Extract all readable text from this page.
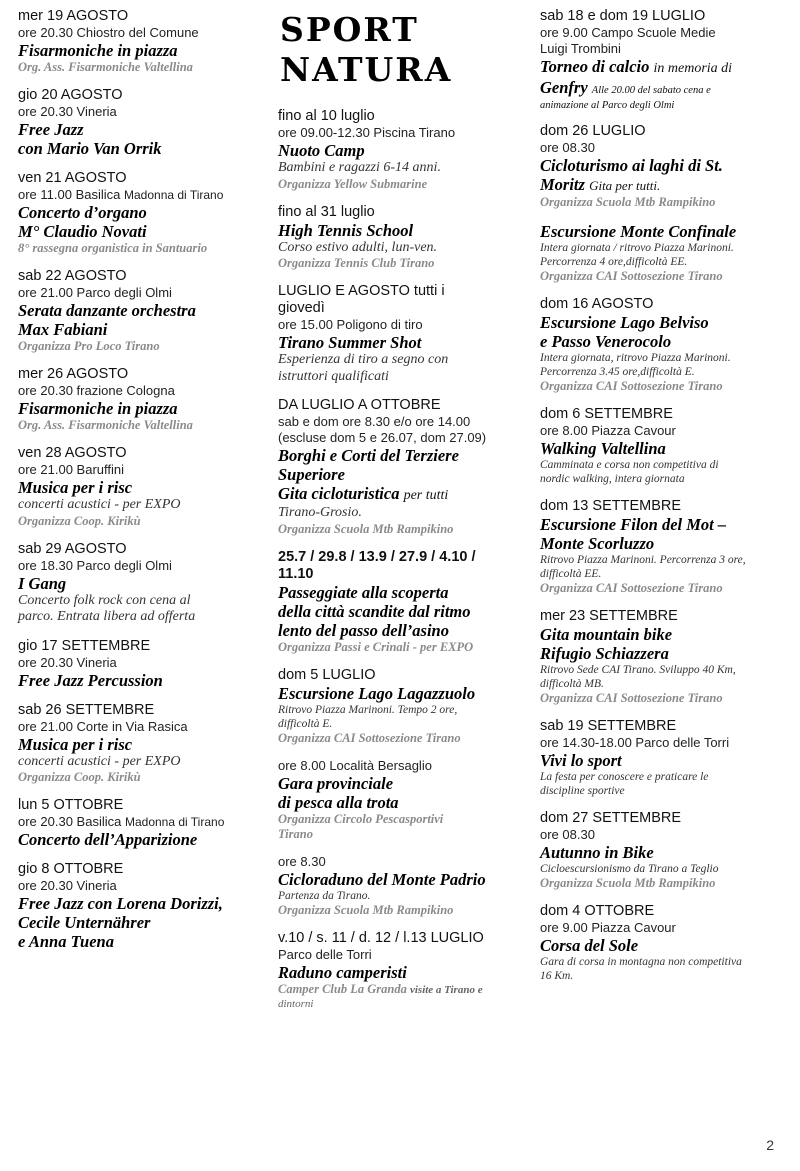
mer 19 AGOSTO
ore 20.30 Chiostro del Comune
Fisarmoniche in piazza
Org. Ass. Fisarmoniche Valtellina
gio 20 AGOSTO
ore 20.30 Vineria
Free Jazz
con Mario Van Orrik
ven 21 AGOSTO
ore 11.00 Basilica Madonna di Tirano
Concerto d’organo
M° Claudio Novati
8° rassegna organistica in Santuario
sab 22 AGOSTO
ore 21.00 Parco degli Olmi
Serata danzante orchestra
Max Fabiani
Organizza Pro Loco Tirano
mer 26 AGOSTO
ore 20.30 frazione Cologna
Fisarmoniche in piazza
Org. Ass. Fisarmoniche Valtellina
ven 28 AGOSTO
ore 21.00 Baruffini
Musica per i risc
concerti acustici - per EXPO
Organizza Coop. Kirikù
sab 29 AGOSTO
ore 18.30 Parco degli Olmi
I Gang
Concerto folk rock con cena al
parco. Entrata libera ad offerta
gio 17 SETTEMBRE
ore 20.30 Vineria
Free Jazz Percussion
sab 26 SETTEMBRE
ore 21.00 Corte in Via Rasica
Musica per i risc
concerti acustici - per EXPO
Organizza Coop. Kirikù
lun 5 OTTOBRE
ore 20.30 Basilica Madonna di Tirano
Concerto dell’Apparizione
gio 8 OTTOBRE
ore 20.30 Vineria
Free Jazz con Lorena Dorizzi,
Cecile Unternährer
e Anna Tuena
SPORT
NATURA
fino al 10 luglio
ore 09.00-12.30 Piscina Tirano
Nuoto Camp
Bambini e ragazzi 6-14 anni.
Organizza Yellow Submarine
fino al 31 luglio
High Tennis School
Corso estivo adulti, lun-ven.
Organizza Tennis Club Tirano
LUGLIO E AGOSTO tutti i
giovedì
ore 15.00 Poligono di tiro
Tirano Summer Shot
Esperienza di tiro a segno con
istruttori qualificati
DA LUGLIO A OTTOBRE
sab e dom ore 8.30 e/o ore 14.00
(escluse dom 5 e 26.07, dom 27.09)
Borghi e Corti del Terziere
Superiore
Gita cicloturistica per tutti
Tirano-Grosio.
Organizza Scuola Mtb Rampikino
25.7 / 29.8 / 13.9 / 27.9 / 4.10 /
11.10
Passeggiate alla scoperta
della città scandite dal ritmo
lento del passo dell’asino
Organizza Passi e Crinali - per EXPO
dom 5 LUGLIO
Escursione Lago Lagazzuolo
Ritrovo Piazza Marinoni. Tempo 2 ore,
difficoltà E.
Organizza CAI Sottosezione Tirano
ore 8.00 Località Bersaglio
Gara provinciale
di pesca alla trota
Organizza Circolo Pescasportivi
Tirano
ore 8.30
Cicloraduno del Monte Padrio
Partenza da Tirano.
Organizza Scuola Mtb Rampikino
v.10 / s. 11 / d. 12 / l.13 LUGLIO
Parco delle Torri
Raduno camperisti
Camper Club La Granda visite a Tirano e
dintorni
sab 18 e dom 19 LUGLIO
ore 9.00 Campo Scuole Medie
Luigi Trombini
Torneo di calcio in memoria di
Genfry Alle 20.00 del sabato cena e
animazione al Parco degli Olmi
dom 26 LUGLIO
ore 08.30
Cicloturismo ai laghi di St.
Moritz Gita per tutti.
Organizza Scuola Mtb Rampikino
Escursione Monte Confinale
Intera giornata / ritrovo Piazza Marinoni.
Percorrenza 4 ore,difficoltà EE.
Organizza CAI Sottosezione Tirano
dom 16 AGOSTO
Escursione Lago Belviso
e Passo Venerocolo
Intera giornata, ritrovo Piazza Marinoni.
Percorrenza 3.45 ore,difficoltà E.
Organizza CAI Sottosezione Tirano
dom 6 SETTEMBRE
ore 8.00 Piazza Cavour
Walking Valtellina
Camminata e corsa non competitiva di
nordic walking, intera giornata
dom 13 SETTEMBRE
Escursione Filon del Mot –
Monte Scorluzzo
Ritrovo Piazza Marinoni. Percorrenza 3 ore,
difficoltà EE.
Organizza CAI Sottosezione Tirano
mer 23 SETTEMBRE
Gita mountain bike
Rifugio Schiazzera
Ritrovo Sede CAI Tirano. Sviluppo 40 Km,
difficoltà MB.
Organizza CAI Sottosezione Tirano
sab 19 SETTEMBRE
ore 14.30-18.00 Parco delle Torri
Vivi lo sport
La festa per conoscere e praticare le
discipline sportive
dom 27 SETTEMBRE
ore 08.30
Autunno in Bike
Cicloescursionismo da Tirano a Teglio
Organizza Scuola Mtb Rampikino
dom 4 OTTOBRE
ore 9.00 Piazza Cavour
Corsa del Sole
Gara di corsa in montagna non competitiva
16 Km.
2
